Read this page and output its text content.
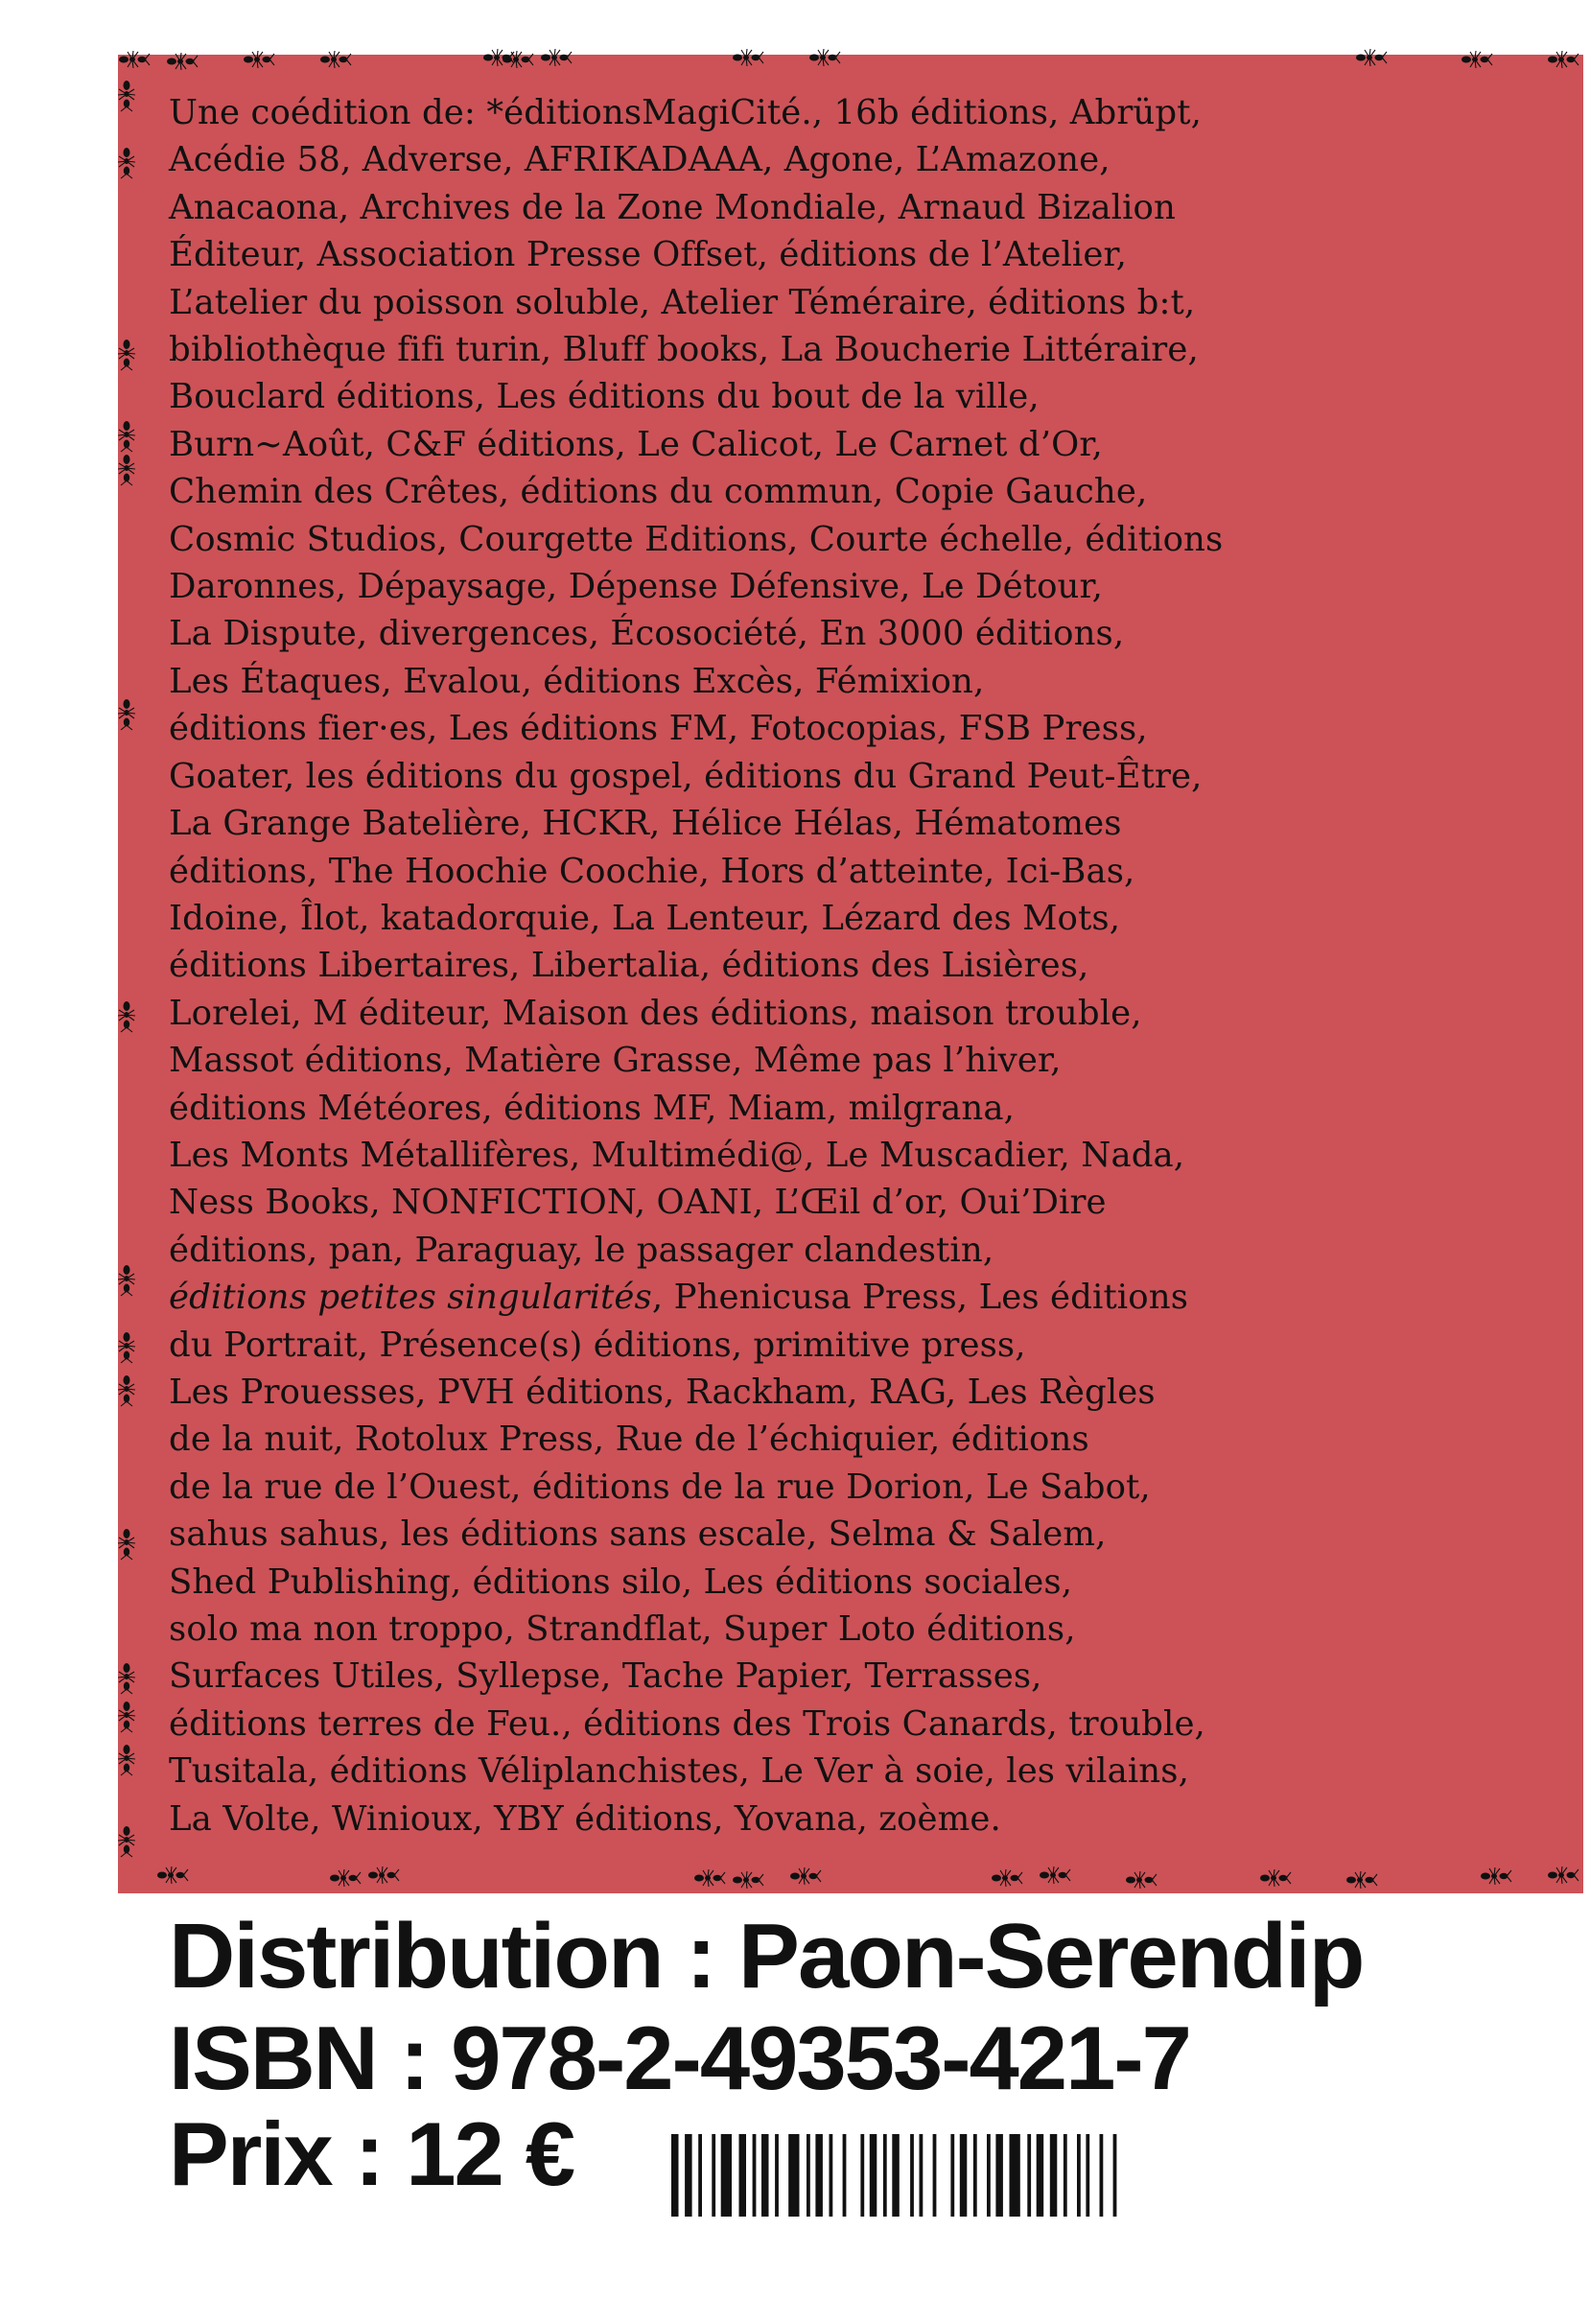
Une coédition de: *éditionsMagiCité., 16b éditions, Abrüpt,
Acédie 58, Adverse, AFRIKADAAA, Agone, L’Amazone,
Anacaona, Archives de la Zone Mondiale, Arnaud Bizalion
Éditeur, Association Presse Offset, éditions de l’Atelier,
L’atelier du poisson soluble, Atelier Téméraire, éditions b:t,
bibliothèque fifi turin, Bluff books, La Boucherie Littéraire,
Bouclard éditions, Les éditions du bout de la ville,
Burn~Août, C&F éditions, Le Calicot, Le Carnet d’Or,
Chemin des Crêtes, éditions du commun, Copie Gauche,
Cosmic Studios, Courgette Editions, Courte échelle, éditions
Daronnes, Dépaysage, Dépense Défensive, Le Détour,
La Dispute, divergences, Écosociété, En 3000 éditions,
Les Étaques, Evalou, éditions Excès, Fémixion,
éditions fier·es, Les éditions FM, Fotocopias, FSB Press,
Goater, les éditions du gospel, éditions du Grand Peut-Être,
La Grange Batelière, HCKR, Hélice Hélas, Hématomes
éditions, The Hoochie Coochie, Hors d’atteinte, Ici-Bas,
Idoine, Îlot, katadorquie, La Lenteur, Lézard des Mots,
éditions Libertaires, Libertalia, éditions des Lisières,
Lorelei, M éditeur, Maison des éditions, maison trouble,
Massot éditions, Matière Grasse, Même pas l’hiver,
éditions Météores, éditions MF, Miam, milgrana,
Les Monts Métallifères, Multimédi@, Le Muscadier, Nada,
Ness Books, NONFICTION, OANI, L’Œil d’or, Oui’Dire
éditions, pan, Paraguay, le passager clandestin,
éditions petites singularités, Phenicusa Press, Les éditions
du Portrait, Présence(s) éditions, primitive press,
Les Prouesses, PVH éditions, Rackham, RAG, Les Règles
de la nuit, Rotolux Press, Rue de l’échiquier, éditions
de la rue de l’Ouest, éditions de la rue Dorion, Le Sabot,
sahus sahus, les éditions sans escale, Selma & Salem,
Shed Publishing, éditions silo, Les éditions sociales,
solo ma non troppo, Strandflat, Super Loto éditions,
Surfaces Utiles, Syllepse, Tache Papier, Terrasses,
éditions terres de Feu., éditions des Trois Canards, trouble,
Tusitala, éditions Véliplanchistes, Le Ver à soie, les vilains,
La Volte, Winioux, YBY éditions, Yovana, zoème.
Distribution : Paon-Serendip
ISBN : 978-2-49353-421-7
Prix : 12 €
